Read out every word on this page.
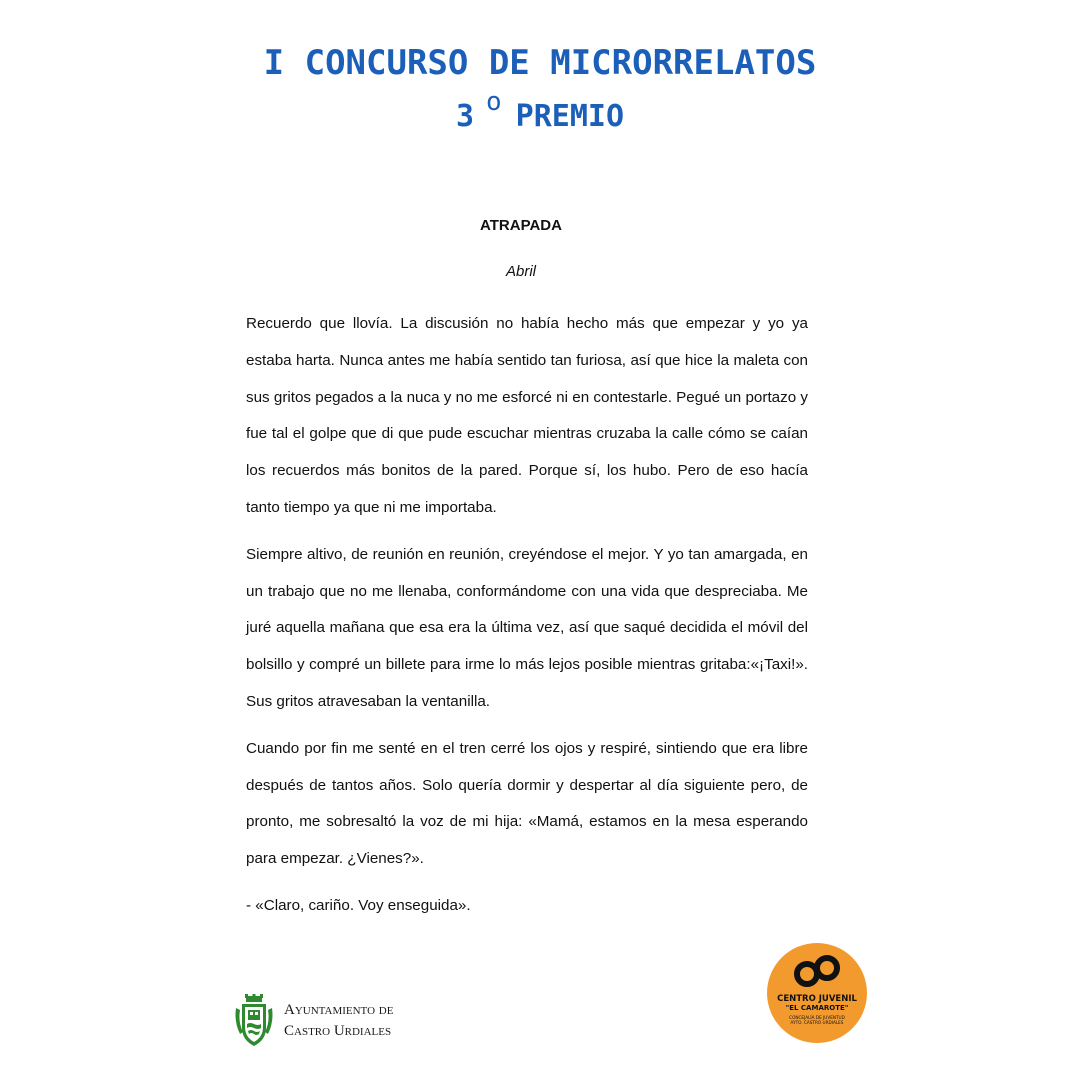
I CONCURSO DE MICRORRELATOS
3 o PREMIO
ATRAPADA
Abril

Recuerdo que llovía. La discusión no había hecho más que empezar y yo ya estaba harta. Nunca antes me había sentido tan furiosa, así que hice la maleta con sus gritos pegados a la nuca y no me esforcé ni en contestarle. Pegué un portazo y fue tal el golpe que di que pude escuchar mientras cruzaba la calle cómo se caían los recuerdos más bonitos de la pared. Porque sí, los hubo. Pero de eso hacía tanto tiempo ya que ni me importaba.

Siempre altivo, de reunión en reunión, creyéndose el mejor. Y yo tan amargada, en un trabajo que no me llenaba, conformándome con una vida que despreciaba. Me juré aquella mañana que esa era la última vez, así que saqué decidida el móvil del bolsillo y compré un billete para irme lo más lejos posible mientras gritaba:«¡Taxi!». Sus gritos atravesaban la ventanilla.

Cuando por fin me senté en el tren cerré los ojos y respiré, sintiendo que era libre después de tantos años. Solo quería dormir y despertar al día siguiente pero, de pronto, me sobresaltó la voz de mi hija: «Mamá, estamos en la mesa esperando para empezar. ¿Vienes?».

- «Claro, cariño. Voy enseguida».

Ayuntamiento de
Castro Urdiales
CENTRO JUVENIL
"EL CAMAROTE"
CONCEJALÍA DE JUVENTUD
AYTO. CASTRO URDIALES
